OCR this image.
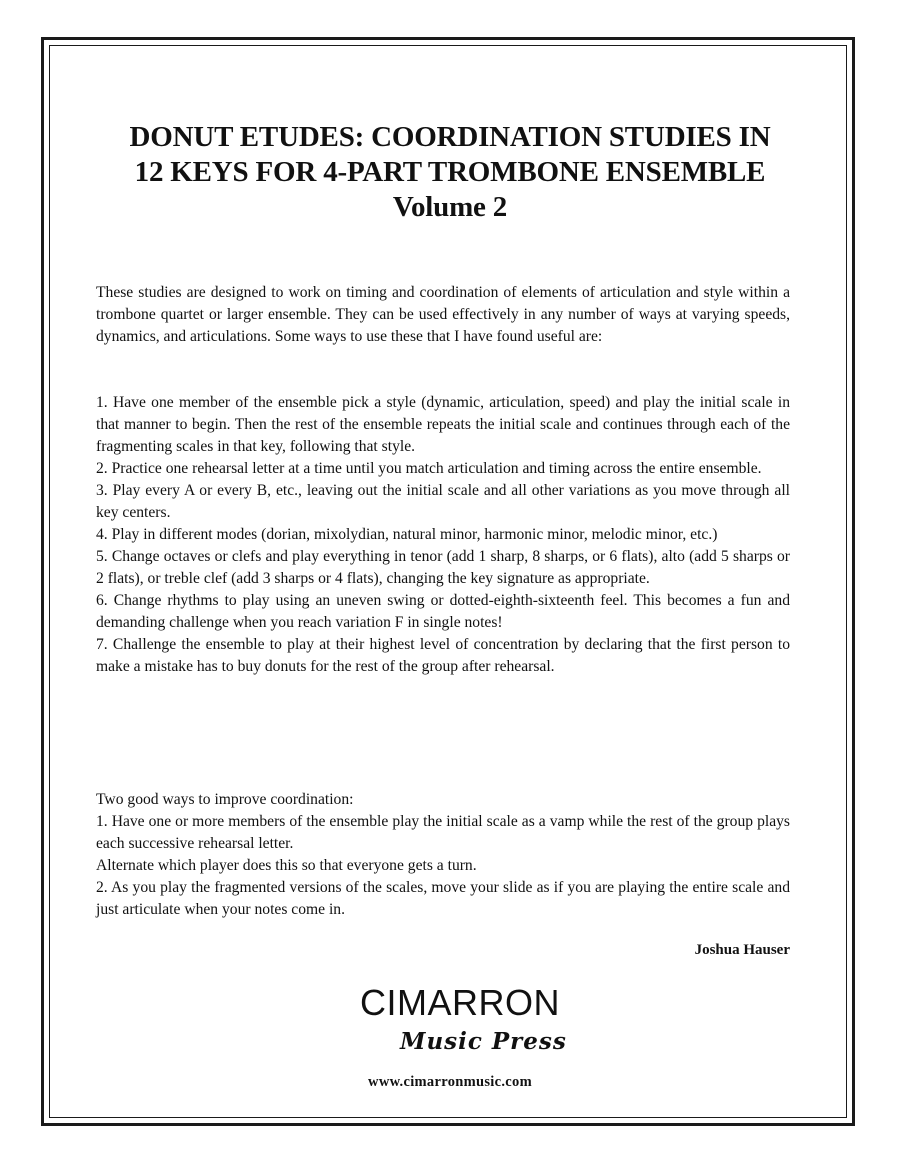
DONUT ETUDES: COORDINATION STUDIES IN
12 KEYS FOR 4-PART TROMBONE ENSEMBLE
Volume 2

These studies are designed to work on timing and coordination of elements of articulation and style within a trombone quartet or larger ensemble. They can be used effectively in any number of ways at varying speeds, dynamics, and articulations. Some ways to use these that I have found useful are:

1. Have one member of the ensemble pick a style (dynamic, articulation, speed) and play the initial scale in that manner to begin. Then the rest of the ensemble repeats the initial scale and continues through each of the fragmenting scales in that key, following that style.

2. Practice one rehearsal letter at a time until you match articulation and timing across the entire ensemble.

3. Play every A or every B, etc., leaving out the initial scale and all other variations as you move through all key centers.

4. Play in different modes (dorian, mixolydian, natural minor, harmonic minor, melodic minor, etc.)

5. Change octaves or clefs and play everything in tenor (add 1 sharp, 8 sharps, or 6 flats), alto (add 5 sharps or 2 flats), or treble clef (add 3 sharps or 4 flats), changing the key signature as appropriate.

6. Change rhythms to play using an uneven swing or dotted-eighth-sixteenth feel. This becomes a fun and demanding challenge when you reach variation F in single notes!

7. Challenge the ensemble to play at their highest level of concentration by declaring that the first person to make a mistake has to buy donuts for the rest of the group after rehearsal.

Two good ways to improve coordination:

1. Have one or more members of the ensemble play the initial scale as a vamp while the rest of the group plays each successive rehearsal letter.

Alternate which player does this so that everyone gets a turn.

2. As you play the fragmented versions of the scales, move your slide as if you are playing the entire scale and just articulate when your notes come in.

Joshua Hauser
CIMARRON
Music Press
www.cimarronmusic.com
